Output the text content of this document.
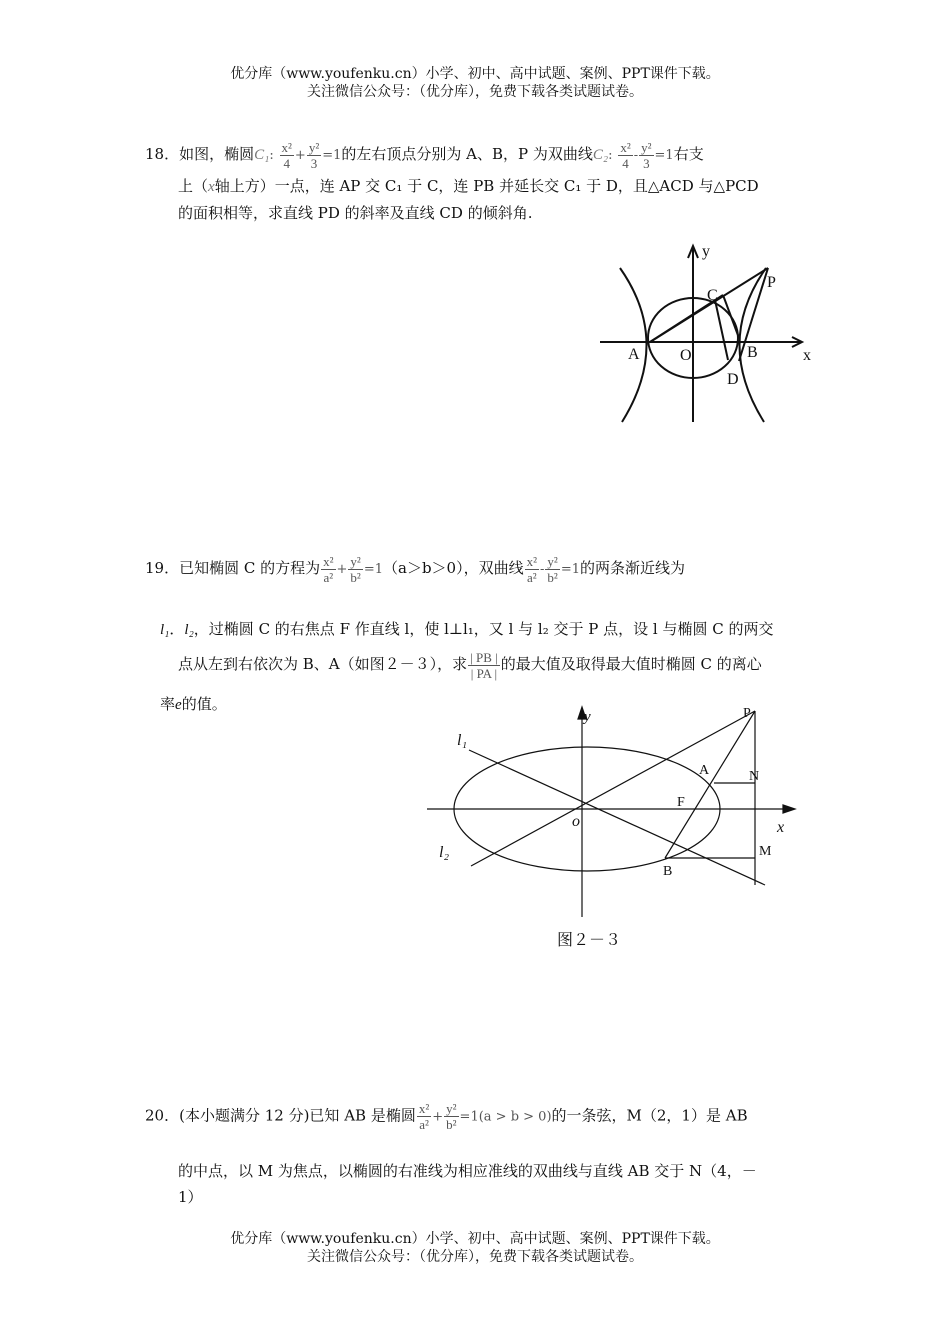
优分库（www.youfenku.cn）小学、初中、高中试题、案例、PPT课件下载。
关注微信公众号：（优分库），免费下载各类试题试卷。
18．如图，椭圆C₁: $\frac{\text{x²}}{4} + \frac{\text{y²}}{3} =1$的左右顶点分别为 A、B，P 为双曲线C₂: $\frac{\text{x²}}{4} - \frac{\text{y²}}{3} =1$右支
上（x轴上方）一点，连 AP 交 C₁ 于 C，连 PB 并延长交 C₁ 于 D，且△ACD 与△PCD
的面积相等，求直线 PD 的斜率及直线 CD 的倾斜角.
y
x
A	O	B
C
D
P
19．已知椭圆 C 的方程为 $\frac{\text{x²}}{\text{a²}} + \frac{\text{y²}}{\text{b²}} =1(a>b>0)$，双曲线 $\frac{\text{x²}}{\text{a²}} - \frac{\text{y²}}{\text{b²}} =1$的两条渐近线为
l₁．l₂，过椭圆 C 的右焦点 F 作直线 l，使 l⊥l₁，又 l 与 l₂ 交于 P 点，设 l 与椭圆 C 的两交
点从左到右依次为 B、A（如图２－３），求 $\frac{| PB |}{| PA |}$ 的最大值及取得最大值时椭圆 C 的离心
率e的值。
y
x
o
l₁
l₂
P
A	N
F
M
B
图２－３
20．(本小题满分 12 分)已知 AB 是椭圆 $\frac{\text{x²}}{\text{a²}} + \frac{\text{y²}}{\text{b²}} =1(a > b > 0)$的一条弦，M（2，1）是 AB
的中点，以 M 为焦点，以椭圆的右准线为相应准线的双曲线与直线 AB 交于 N（4，－
1）
优分库（www.youfenku.cn）小学、初中、高中试题、案例、PPT课件下载。
关注微信公众号：（优分库），免费下载各类试题试卷。
